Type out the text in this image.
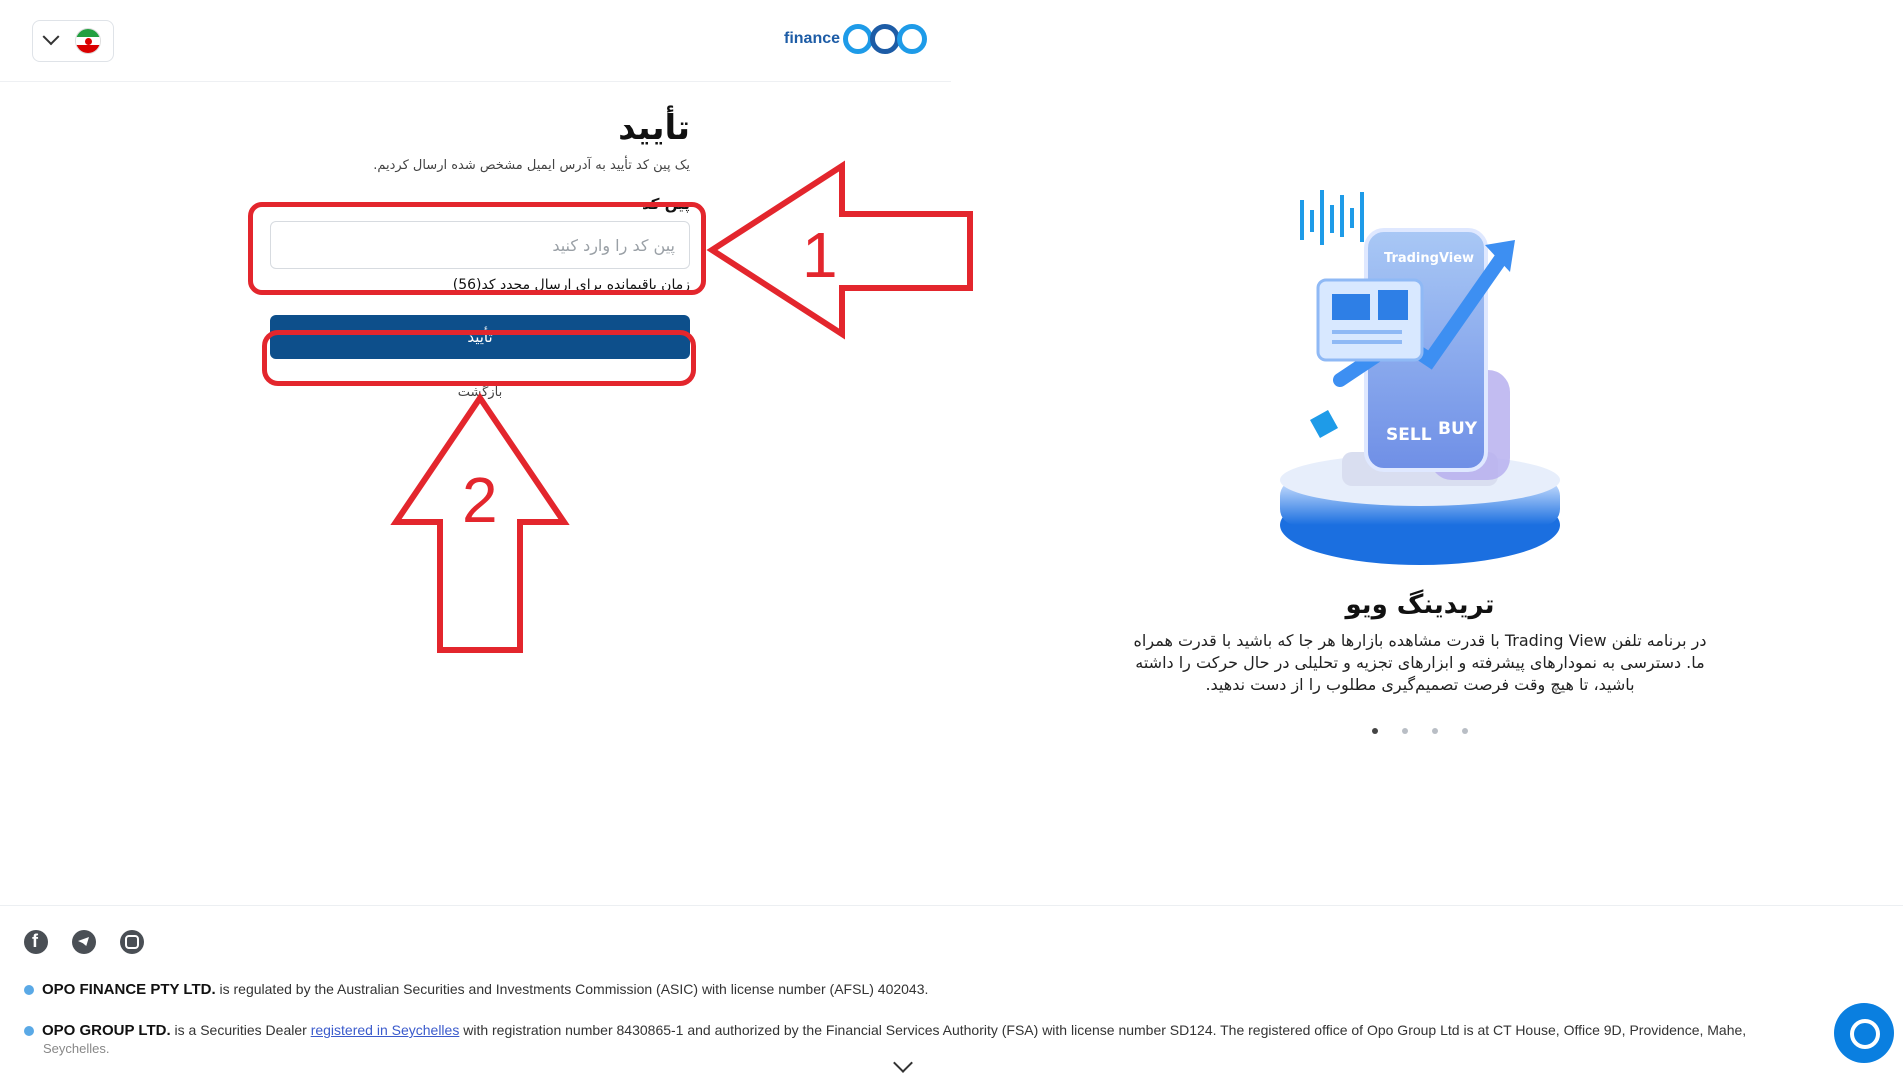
finance
تأیید
یک پین کد تأیید به آدرس ایمیل مشخص شده ارسال کردیم.
پین کد
پین کد را وارد کنید
زمان باقیمانده برای ارسال مجدد کد(56)
تأیید
بازگشت
1
2
TradingView
SELL BUY
تریدینگ ویو
در برنامه تلفن Trading View با قدرت مشاهده بازارها هر جا که باشید با قدرت همراه ما. دسترسی به نمودارهای پیشرفته و ابزارهای تجزیه و تحلیلی در حال حرکت را داشته باشید، تا هیچ وقت فرصت تصمیم‌گیری مطلوب را از دست ندهید.
f
OPO FINANCE PTY LTD. is regulated by the Australian Securities and Investments Commission (ASIC) with license number (AFSL) 402043.
OPO GROUP LTD. is a Securities Dealer registered in Seychelles with registration number 8430865-1 and authorized by the Financial Services Authority (FSA) with license number SD124. The registered office of Opo Group Ltd is at CT House, Office 9D, Providence, Mahe,
Seychelles.
